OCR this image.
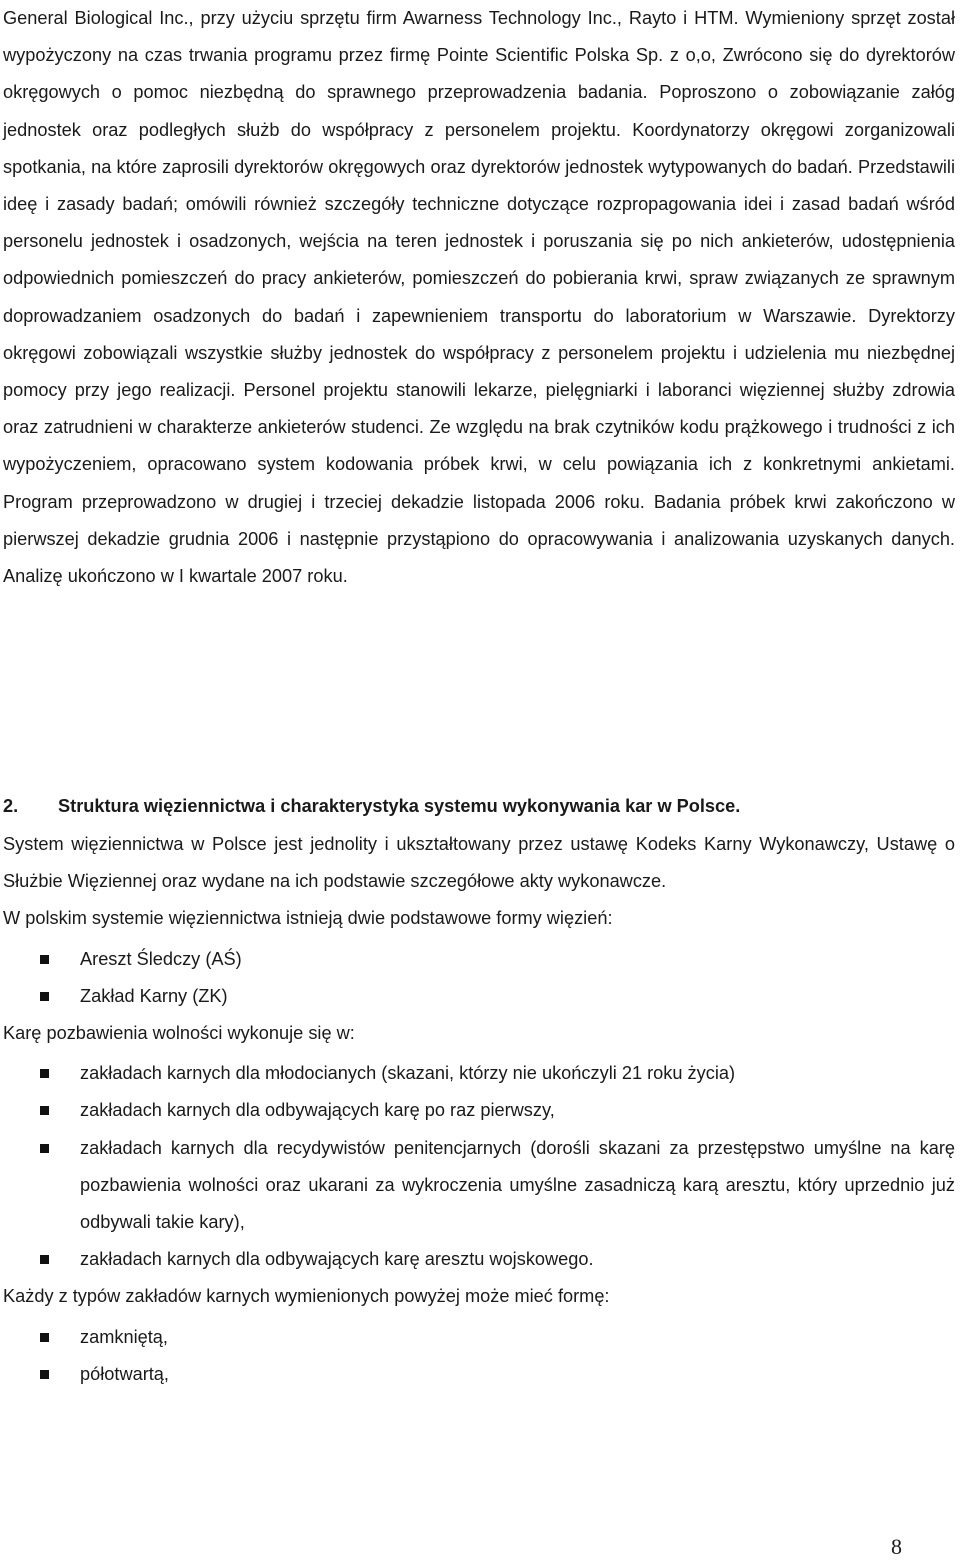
General Biological Inc., przy użyciu sprzętu firm Awarness Technology Inc., Rayto i HTM. Wymieniony sprzęt został wypożyczony na czas trwania programu przez firmę Pointe Scientific Polska Sp. z o,o, Zwrócono się do dyrektorów okręgowych o pomoc niezbędną do sprawnego przeprowadzenia badania. Poproszono o zobowiązanie załóg jednostek oraz podległych służb do współpracy z personelem projektu. Koordynatorzy okręgowi zorganizowali spotkania, na które zaprosili dyrektorów okręgowych oraz dyrektorów jednostek wytypowanych do badań. Przedstawili ideę i zasady badań; omówili również szczegóły techniczne dotyczące rozpropagowania idei i zasad badań wśród personelu jednostek i osadzonych, wejścia na teren jednostek i poruszania się po nich ankieterów, udostępnienia odpowiednich pomieszczeń do pracy ankieterów, pomieszczeń do pobierania krwi, spraw związanych ze sprawnym doprowadzaniem osadzonych do badań i zapewnieniem transportu do laboratorium w Warszawie. Dyrektorzy okręgowi zobowiązali wszystkie służby jednostek do współpracy z personelem projektu i udzielenia mu niezbędnej pomocy przy jego realizacji. Personel projektu stanowili lekarze, pielęgniarki i laboranci więziennej służby zdrowia oraz zatrudnieni w charakterze ankieterów studenci. Ze względu na brak czytników kodu prążkowego i trudności z ich wypożyczeniem, opracowano system kodowania próbek krwi, w celu powiązania ich z konkretnymi ankietami. Program przeprowadzono w drugiej i trzeciej dekadzie listopada 2006 roku. Badania próbek krwi zakończono w pierwszej dekadzie grudnia 2006 i następnie przystąpiono do opracowywania i analizowania uzyskanych danych. Analizę ukończono w I kwartale 2007 roku.

2. Struktura więziennictwa i charakterystyka systemu wykonywania kar w Polsce.

System więziennictwa w Polsce jest jednolity i ukształtowany przez ustawę Kodeks Karny Wykonawczy, Ustawę o Służbie Więziennej oraz wydane na ich podstawie szczegółowe akty wykonawcze.

W polskim systemie więziennictwa istnieją dwie podstawowe formy więzień:

Areszt Śledczy (AŚ)
Zakład Karny (ZK)

Karę pozbawienia wolności wykonuje się w:

zakładach karnych dla młodocianych (skazani, którzy nie ukończyli 21 roku życia)
zakładach karnych dla odbywających karę po raz pierwszy,
zakładach karnych dla recydywistów penitencjarnych (dorośli skazani za przestępstwo umyślne na karę pozbawienia wolności oraz ukarani za wykroczenia umyślne zasadniczą karą aresztu, który uprzednio już odbywali takie kary),
zakładach karnych dla odbywających karę aresztu wojskowego.

Każdy z typów zakładów karnych wymienionych powyżej może mieć formę:

zamkniętą,
półotwartą,
8
